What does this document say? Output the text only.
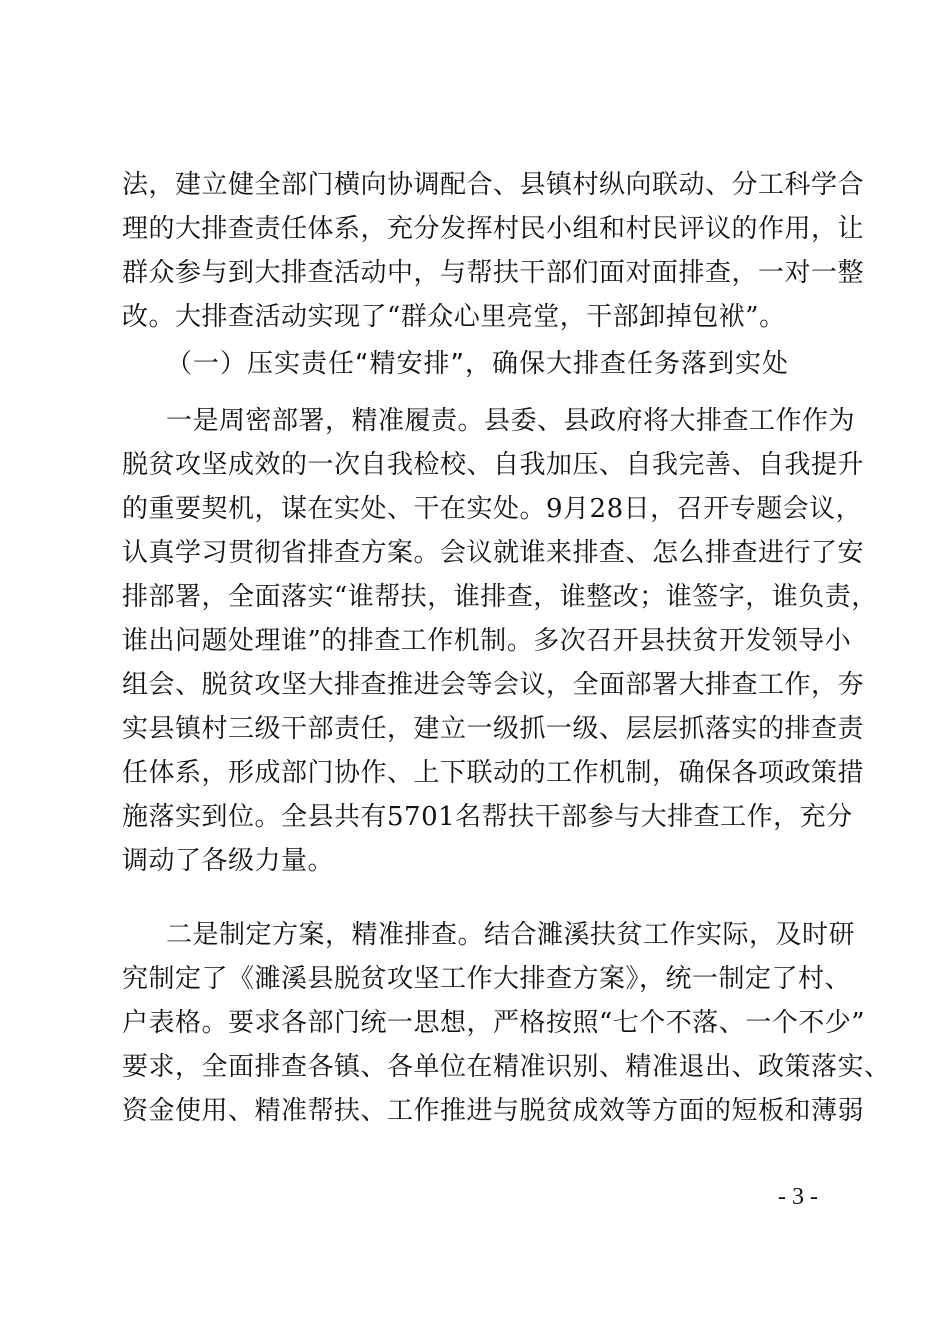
法，建立健全部门横向协调配合、县镇村纵向联动、分工科学合
理的大排查责任体系，充分发挥村民小组和村民评议的作用，让
群众参与到大排查活动中，与帮扶干部们面对面排查，一对一整
改。大排查活动实现了“群众心里亮堂，干部卸掉包袱”。
（一）压实责任“精安排”，确保大排查任务落到实处
一是周密部署，精准履责。县委、县政府将大排查工作作为
脱贫攻坚成效的一次自我检校、自我加压、自我完善、自我提升
的重要契机，谋在实处、干在实处。9月28日，召开专题会议，
认真学习贯彻省排查方案。会议就谁来排查、怎么排查进行了安
排部署，全面落实“谁帮扶，谁排查，谁整改；谁签字，谁负责，
谁出问题处理谁”的排查工作机制。多次召开县扶贫开发领导小
组会、脱贫攻坚大排查推进会等会议，全面部署大排查工作，夯
实县镇村三级干部责任，建立一级抓一级、层层抓落实的排查责
任体系，形成部门协作、上下联动的工作机制，确保各项政策措
施落实到位。全县共有5701名帮扶干部参与大排查工作，充分
调动了各级力量。
二是制定方案，精准排查。结合濉溪扶贫工作实际，及时研
究制定了《濉溪县脱贫攻坚工作大排查方案》，统一制定了村、
户表格。要求各部门统一思想，严格按照“七个不落、一个不少”
要求，全面排查各镇、各单位在精准识别、精准退出、政策落实、
资金使用、精准帮扶、工作推进与脱贫成效等方面的短板和薄弱
- 3 -
